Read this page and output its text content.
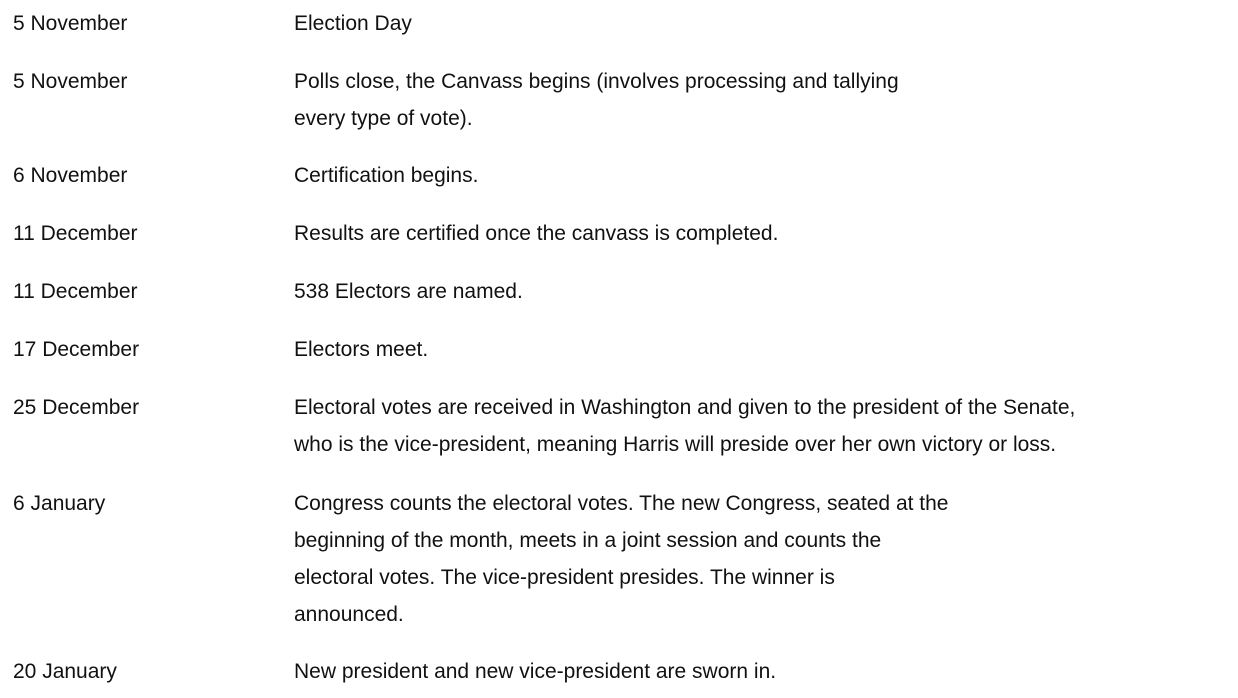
5 November	Election Day
5 November	Polls close, the Canvass begins (involves processing and tallying
every type of vote).
6 November	Certification begins.
11 December	Results are certified once the canvass is completed.
11 December	538 Electors are named.
17 December	Electors meet.
25 December	Electoral votes are received in Washington and given to the president of the Senate,
who is the vice-president, meaning Harris will preside over her own victory or loss.
6 January	Congress counts the electoral votes. The new Congress, seated at the
beginning of the month, meets in a joint session and counts the
electoral votes. The vice-president presides. The winner is
announced.
20 January	New president and new vice-president are sworn in.
